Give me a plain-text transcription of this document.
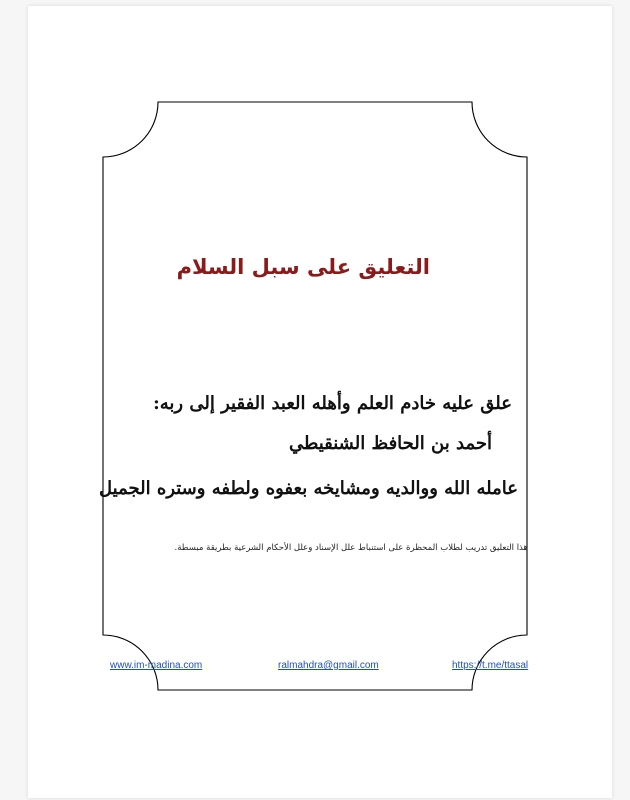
التعليق على سبل السلام
علق عليه خادم العلم وأهله العبد الفقير إلى ربه:
أحمد بن الحافظ الشنقيطي
عامله الله ووالديه ومشايخه بعفوه ولطفه وستره الجميل
هذا التعليق تدريب لطلاب المحظرة على استنباط علل الإسناد وعلل الأحكام الشرعية بطريقة مبسطة.
www.im-madina.com	ralmahdra@gmail.com	https://t.me/ttasal
